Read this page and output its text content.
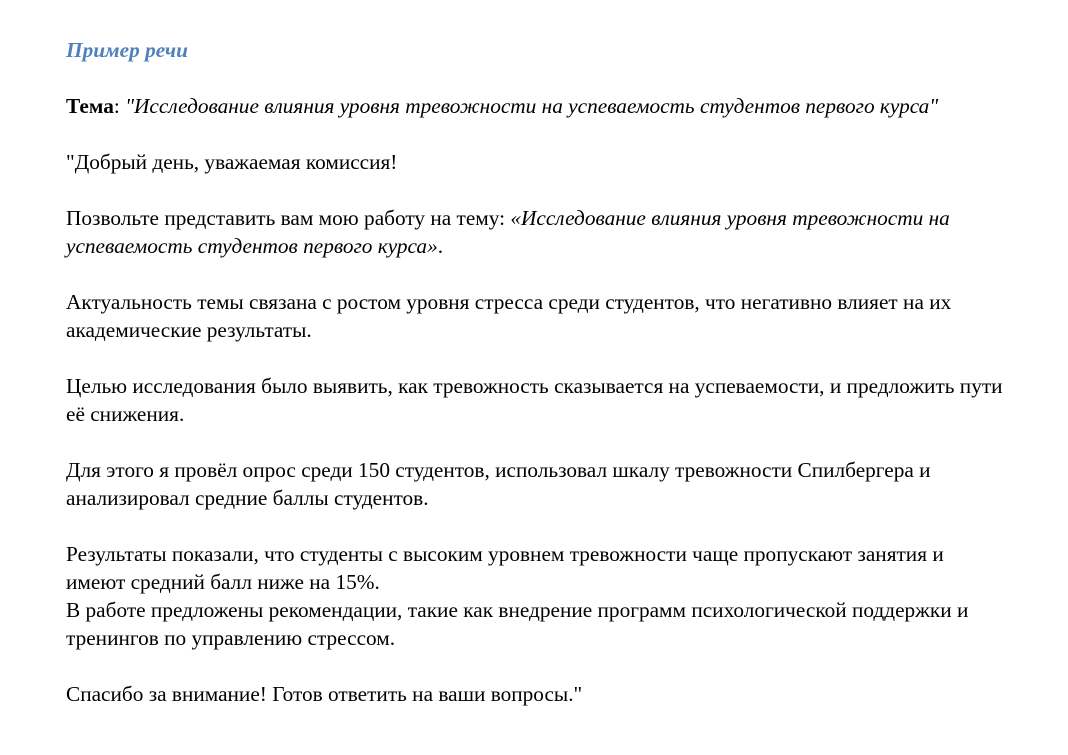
Пример речи

Тема: "Исследование влияния уровня тревожности на успеваемость студентов первого курса"

"Добрый день, уважаемая комиссия!

Позвольте представить вам мою работу на тему: «Исследование влияния уровня тревожности на успеваемость студентов первого курса».

Актуальность темы связана с ростом уровня стресса среди студентов, что негативно влияет на их академические результаты.

Целью исследования было выявить, как тревожность сказывается на успеваемости, и предложить пути её снижения.

Для этого я провёл опрос среди 150 студентов, использовал шкалу тревожности Спилбергера и анализировал средние баллы студентов.

Результаты показали, что студенты с высоким уровнем тревожности чаще пропускают занятия и имеют средний балл ниже на 15%.

В работе предложены рекомендации, такие как внедрение программ психологической поддержки и тренингов по управлению стрессом.

Спасибо за внимание! Готов ответить на ваши вопросы."
